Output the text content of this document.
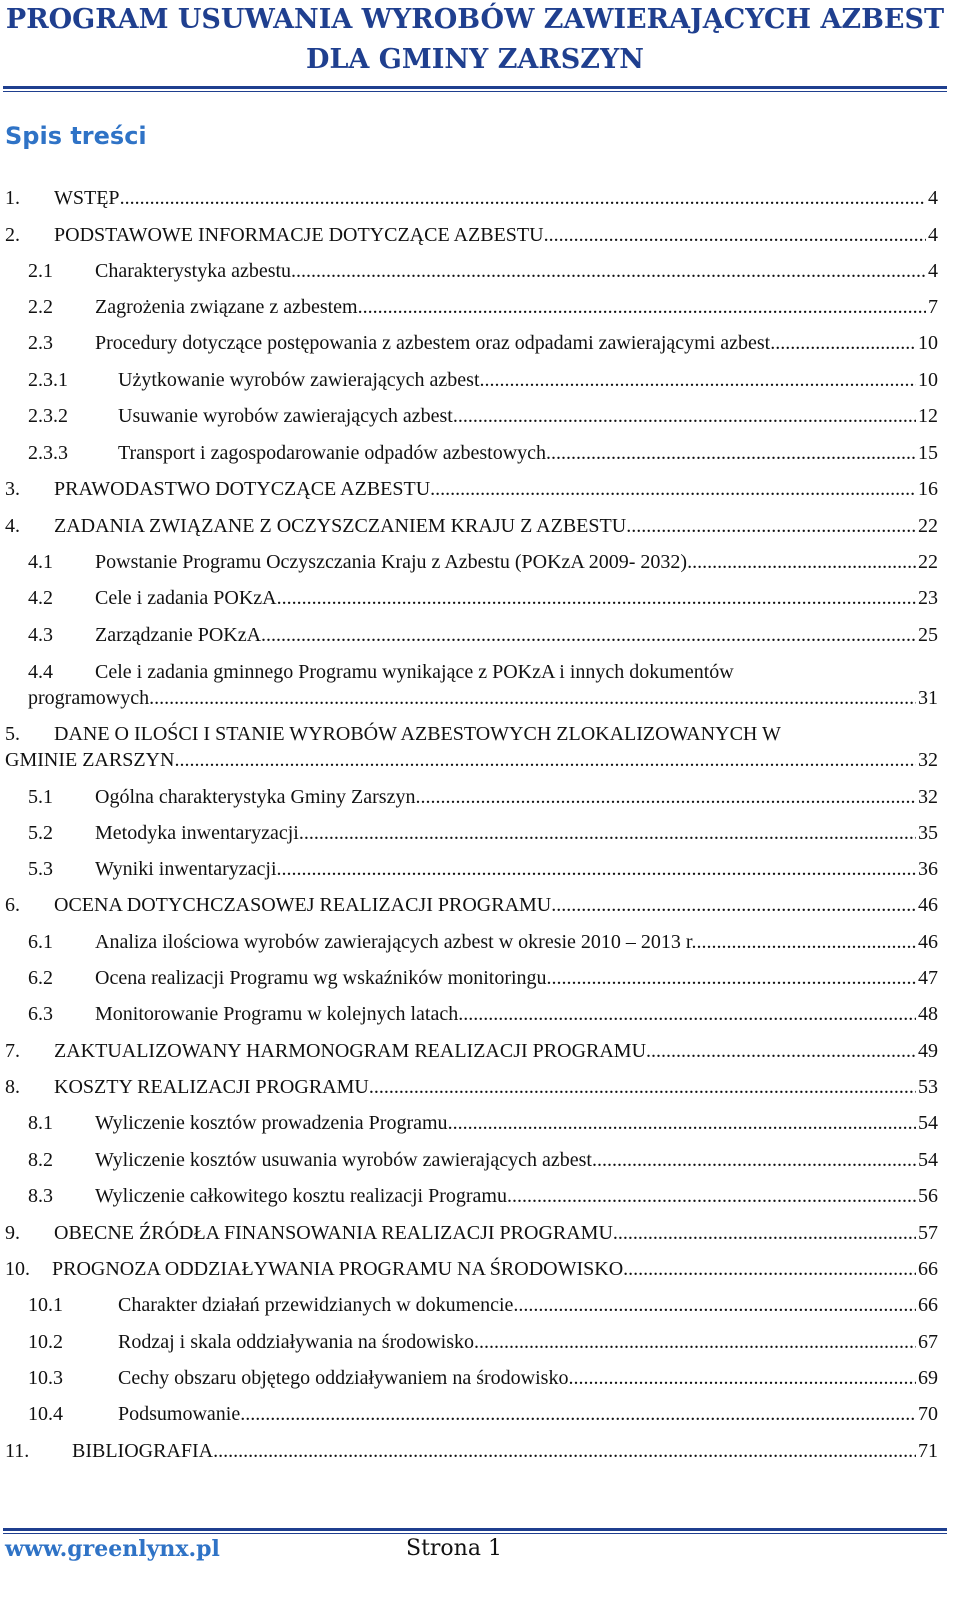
PROGRAM USUWANIA WYROBÓW ZAWIERAJĄCYCH AZBEST

DLA GMINY ZARSZYN

Spis treści
1. WSTĘP .....	4
2. PODSTAWOWE INFORMACJE DOTYCZĄCE AZBESTU .....	4
2.1 Charakterystyka azbestu .....	4
2.2 Zagrożenia związane z azbestem .....	7
2.3 Procedury dotyczące postępowania z azbestem oraz odpadami zawierającymi azbest .....	10
2.3.1	Użytkowanie wyrobów zawierających azbest .....	10
2.3.2	Usuwanie wyrobów zawierających azbest .....	12
2.3.3	Transport i zagospodarowanie odpadów azbestowych .....	15
3. PRAWODASTWO DOTYCZĄCE AZBESTU .....	16
4. ZADANIA ZWIĄZANE Z OCZYSZCZANIEM KRAJU Z AZBESTU .....	22
4.1 Powstanie Programu Oczyszczania Kraju z Azbestu (POKzA 2009- 2032) .....	22
4.2 Cele i zadania POKzA .....	23
4.3 Zarządzanie POKzA .....	25
4.4 Cele i zadania gminnego Programu wynikające z POKzA i innych dokumentów
programowych .....	31
5. DANE O ILOŚCI I STANIE WYROBÓW AZBESTOWYCH ZLOKALIZOWANYCH W
GMINIE ZARSZYN .....	32
5.1 Ogólna charakterystyka Gminy Zarszyn .....	32
5.2 Metodyka inwentaryzacji .....	35
5.3 Wyniki inwentaryzacji .....	36
6. OCENA DOTYCHCZASOWEJ REALIZACJI PROGRAMU .....	46
6.1 Analiza ilościowa wyrobów zawierających azbest w okresie 2010 – 2013 r. .....	46
6.2 Ocena realizacji Programu wg wskaźników monitoringu .....	47
6.3 Monitorowanie Programu w kolejnych latach .....	48
7. ZAKTUALIZOWANY HARMONOGRAM REALIZACJI PROGRAMU .....	49
8. KOSZTY REALIZACJI PROGRAMU .....	53
8.1 Wyliczenie kosztów prowadzenia Programu .....	54
8.2 Wyliczenie kosztów usuwania wyrobów zawierających azbest .....	54
8.3 Wyliczenie całkowitego kosztu realizacji Programu .....	56
9. OBECNE ŹRÓDŁA FINANSOWANIA REALIZACJI PROGRAMU .....	57
10. PROGNOZA ODDZIAŁYWANIA PROGRAMU NA ŚRODOWISKO .....	66
10.1	Charakter działań przewidzianych w dokumencie .....	66
10.2	Rodzaj i skala oddziaływania na środowisko .....	67
10.3	Cechy obszaru objętego oddziaływaniem na środowisko .....	69
10.4	Podsumowanie .....	70
11. BIBLIOGRAFIA .....	71
www.greenlynx.pl	Strona 1
